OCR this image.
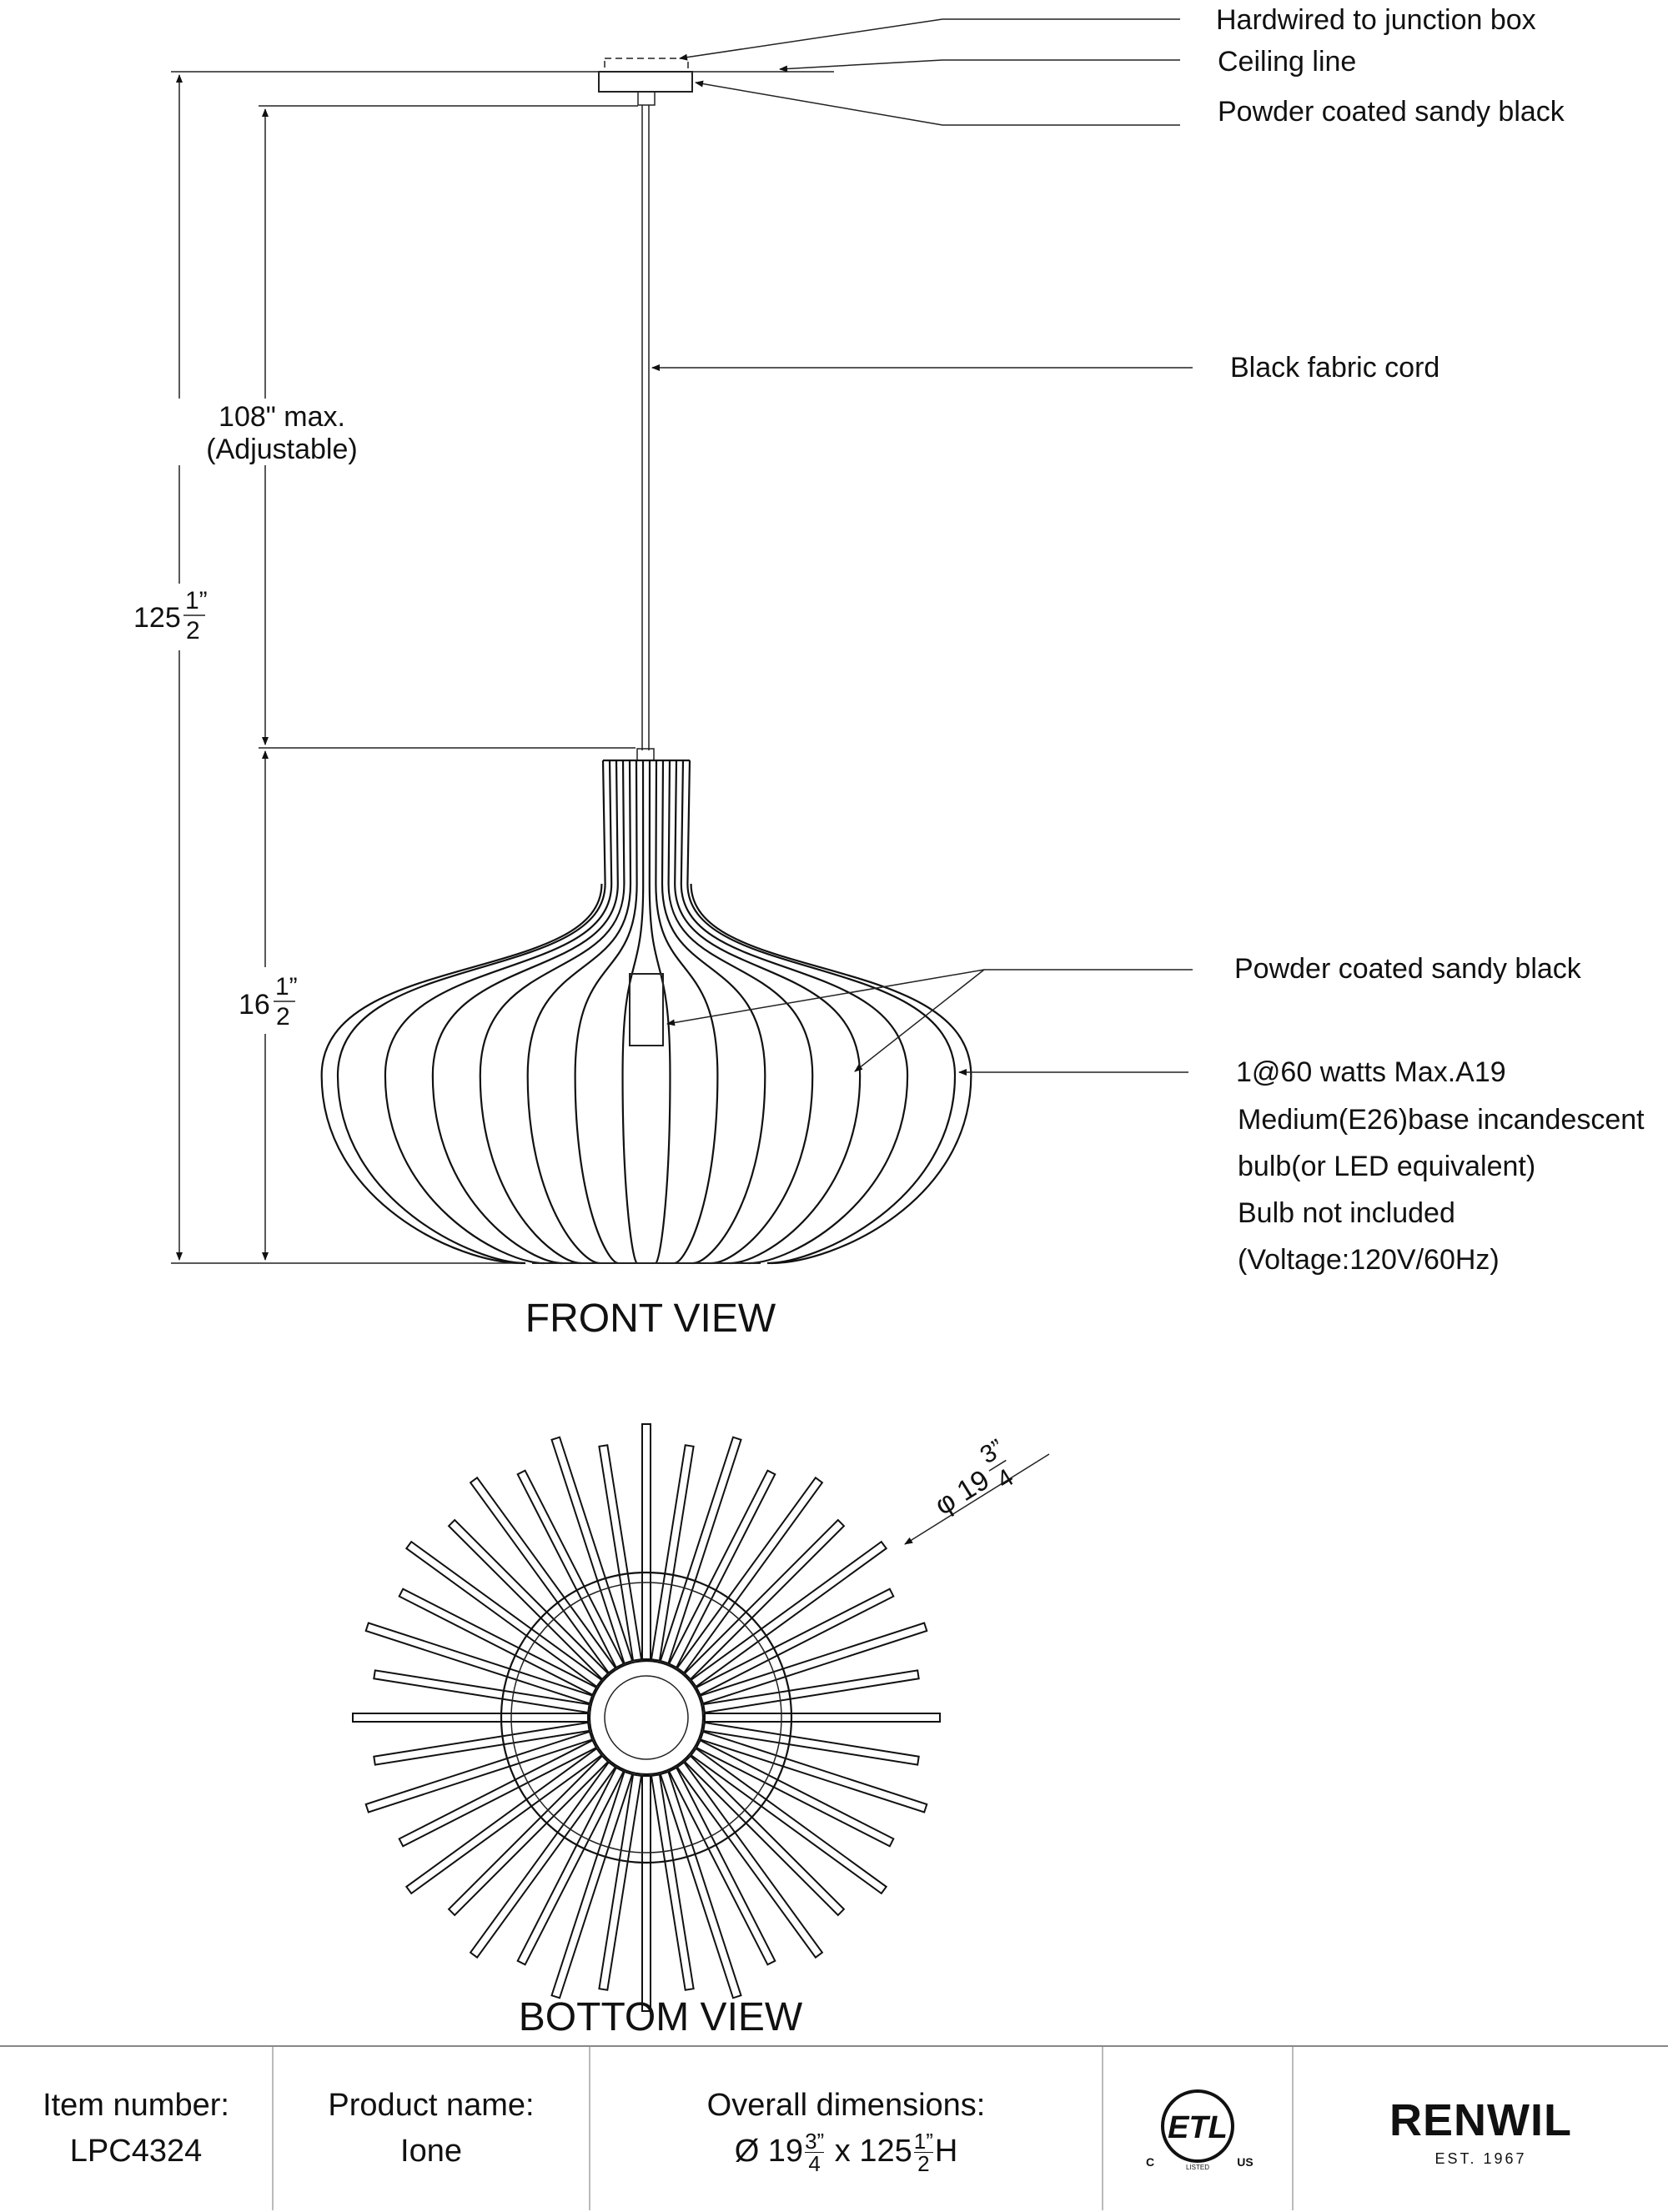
108" max.
(Adjustable)
125
1”
2
16
1”
2
Hardwired to junction box
Ceiling line
Powder coated sandy black
Black fabric cord
Powder coated sandy black
1@60 watts Max.A19
Medium(E26)base incandescent
bulb(or LED equivalent)
Bulb not included
(Voltage:120V/60Hz)
FRONT VIEW
φ 19
3”
4
BOTTOM VIEW
Item number:
LPC4324
Product name:
Ione
Overall dimensions:
Ø $19 \frac{3”}{4}$ x $125 \frac{1”}{2}$ H
ETL
C	LISTED US
RENWIL
EST. 1967
